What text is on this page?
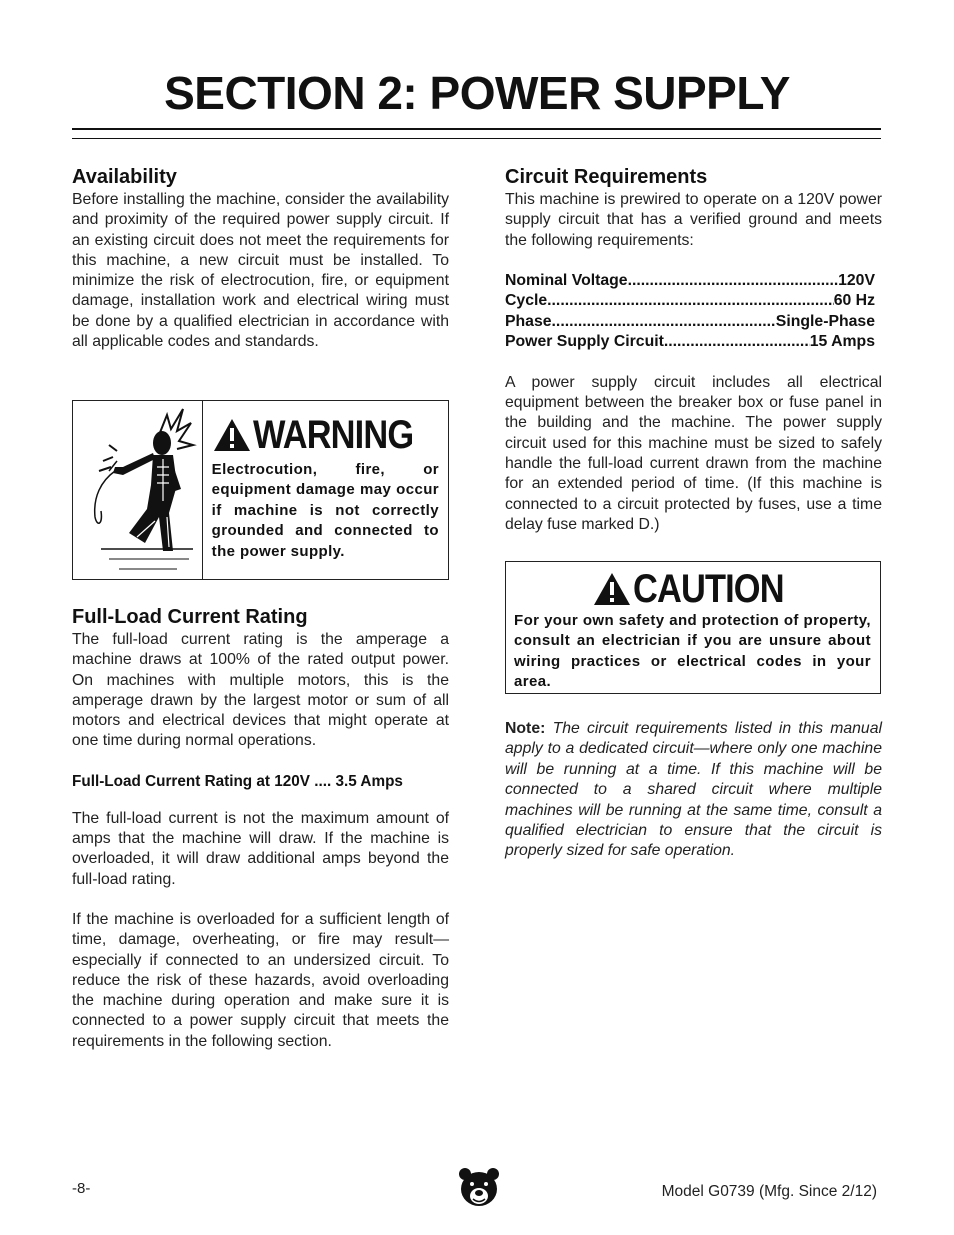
SECTION 2: POWER SUPPLY
Availability

Before installing the machine, consider the availability and proximity of the required power supply circuit. If an existing circuit does not meet the requirements for this machine, a new circuit must be installed. To minimize the risk of electrocution, fire, or equipment damage, installation work and electrical wiring must be done by a qualified electrician in accordance with all applicable codes and standards.

WARNING

Electrocution, fire, or equipment damage may occur if machine is not correctly grounded and connected to the power supply.

Full-Load Current Rating

The full-load current rating is the amperage a machine draws at 100% of the rated output power. On machines with multiple motors, this is the amperage drawn by the largest motor or sum of all motors and electrical devices that might operate at one time during normal operations.

Full-Load Current Rating at 120V .... 3.5 Amps

The full-load current is not the maximum amount of amps that the machine will draw. If the machine is overloaded, it will draw additional amps beyond the full-load rating.

If the machine is overloaded for a sufficient length of time, damage, overheating, or fire may result—especially if connected to an undersized circuit. To reduce the risk of these hazards, avoid overloading the machine during operation and make sure it is connected to a power supply circuit that meets the requirements in the following section.

Circuit Requirements

This machine is prewired to operate on a 120V power supply circuit that has a verified ground and meets the following requirements:

Nominal Voltage .....	120V
Cycle .....	60 Hz
Phase .....	Single-Phase
Power Supply Circuit .....	15 Amps

A power supply circuit includes all electrical equipment between the breaker box or fuse panel in the building and the machine. The power supply circuit used for this machine must be sized to safely handle the full-load current drawn from the machine for an extended period of time. (If this machine is connected to a circuit protected by fuses, use a time delay fuse marked D.)

CAUTION

For your own safety and protection of property, consult an electrician if you are unsure about wiring practices or electrical codes in your area.

Note: The circuit requirements listed in this manual apply to a dedicated circuit—where only one machine will be running at a time. If this machine will be connected to a shared circuit where multiple machines will be running at the same time, consult a qualified electrician to ensure that the circuit is properly sized for safe operation.

-8-	Model G0739 (Mfg. Since 2/12)
